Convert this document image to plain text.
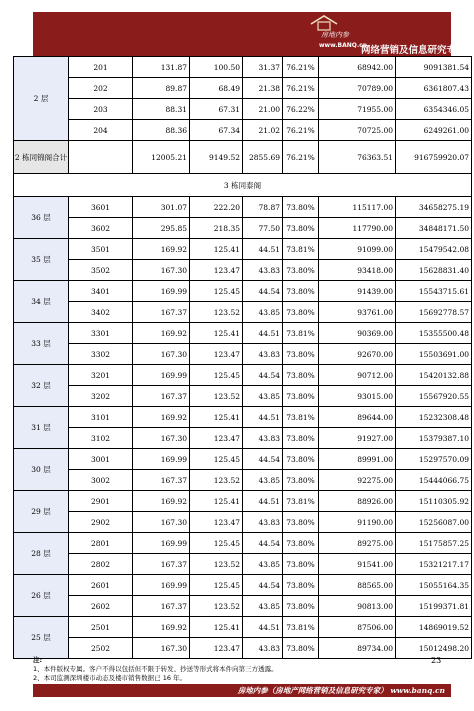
房地内参
www.BANQ.cn
网络营销及信息研究专家
2 层	201	131.87	100.50	31.37	76.21%	68942.00	9091381.54
	202	89.87	68.49	21.38	76.21%	70789.00	6361807.43
	203	88.31	67.31	21.00	76.22%	71955.00	6354346.05
	204	88.36	67.34	21.02	76.21%	70725.00	6249261.00
2 栋同锦阁合计		12005.21	9149.52	2855.69	76.21%	76363.51	916759920.07
3 栋同泰阁							
36 层	3601	301.07	222.20	78.87	73.80%	115117.00	34658275.19
	3602	295.85	218.35	77.50	73.80%	117790.00	34848171.50
35 层	3501	169.92	125.41	44.51	73.81%	91099.00	15479542.08
	3502	167.30	123.47	43.83	73.80%	93418.00	15628831.40
34 层	3401	169.99	125.45	44.54	73.80%	91439.00	15543715.61
	3402	167.37	123.52	43.85	73.80%	93761.00	15692778.57
33 层	3301	169.92	125.41	44.51	73.81%	90369.00	15355500.48
	3302	167.30	123.47	43.83	73.80%	92670.00	15503691.00
32 层	3201	169.99	125.45	44.54	73.80%	90712.00	15420132.88
	3202	167.37	123.52	43.85	73.80%	93015.00	15567920.55
31 层	3101	169.92	125.41	44.51	73.81%	89644.00	15232308.48
	3102	167.30	123.47	43.83	73.80%	91927.00	15379387.10
30 层	3001	169.99	125.45	44.54	73.80%	89991.00	15297570.09
	3002	167.37	123.52	43.85	73.80%	92275.00	15444066.75
29 层	2901	169.92	125.41	44.51	73.81%	88926.00	15110305.92
	2902	167.30	123.47	43.83	73.80%	91190.00	15256087.00
28 层	2801	169.99	125.45	44.54	73.80%	89275.00	15175857.25
	2802	167.37	123.52	43.85	73.80%	91541.00	15321217.17
26 层	2601	169.99	125.45	44.54	73.80%	88565.00	15055164.35
	2602	167.37	123.52	43.85	73.80%	90813.00	15199371.81
25 层	2501	169.92	125.41	44.51	73.81%	87506.00	14869019.52
	2502	167.30	123.47	43.83	73.80%	89734.00	15012498.20
注:
1、本件版权专属。客户不得以包括但不限于转发、抄送等形式将本件向第三方透露。
2、本司监测深圳楼市动态及楼市销售数据已 16 年。
23
房地内参（房地产网络营销及信息研究专家） www.banq.cn
